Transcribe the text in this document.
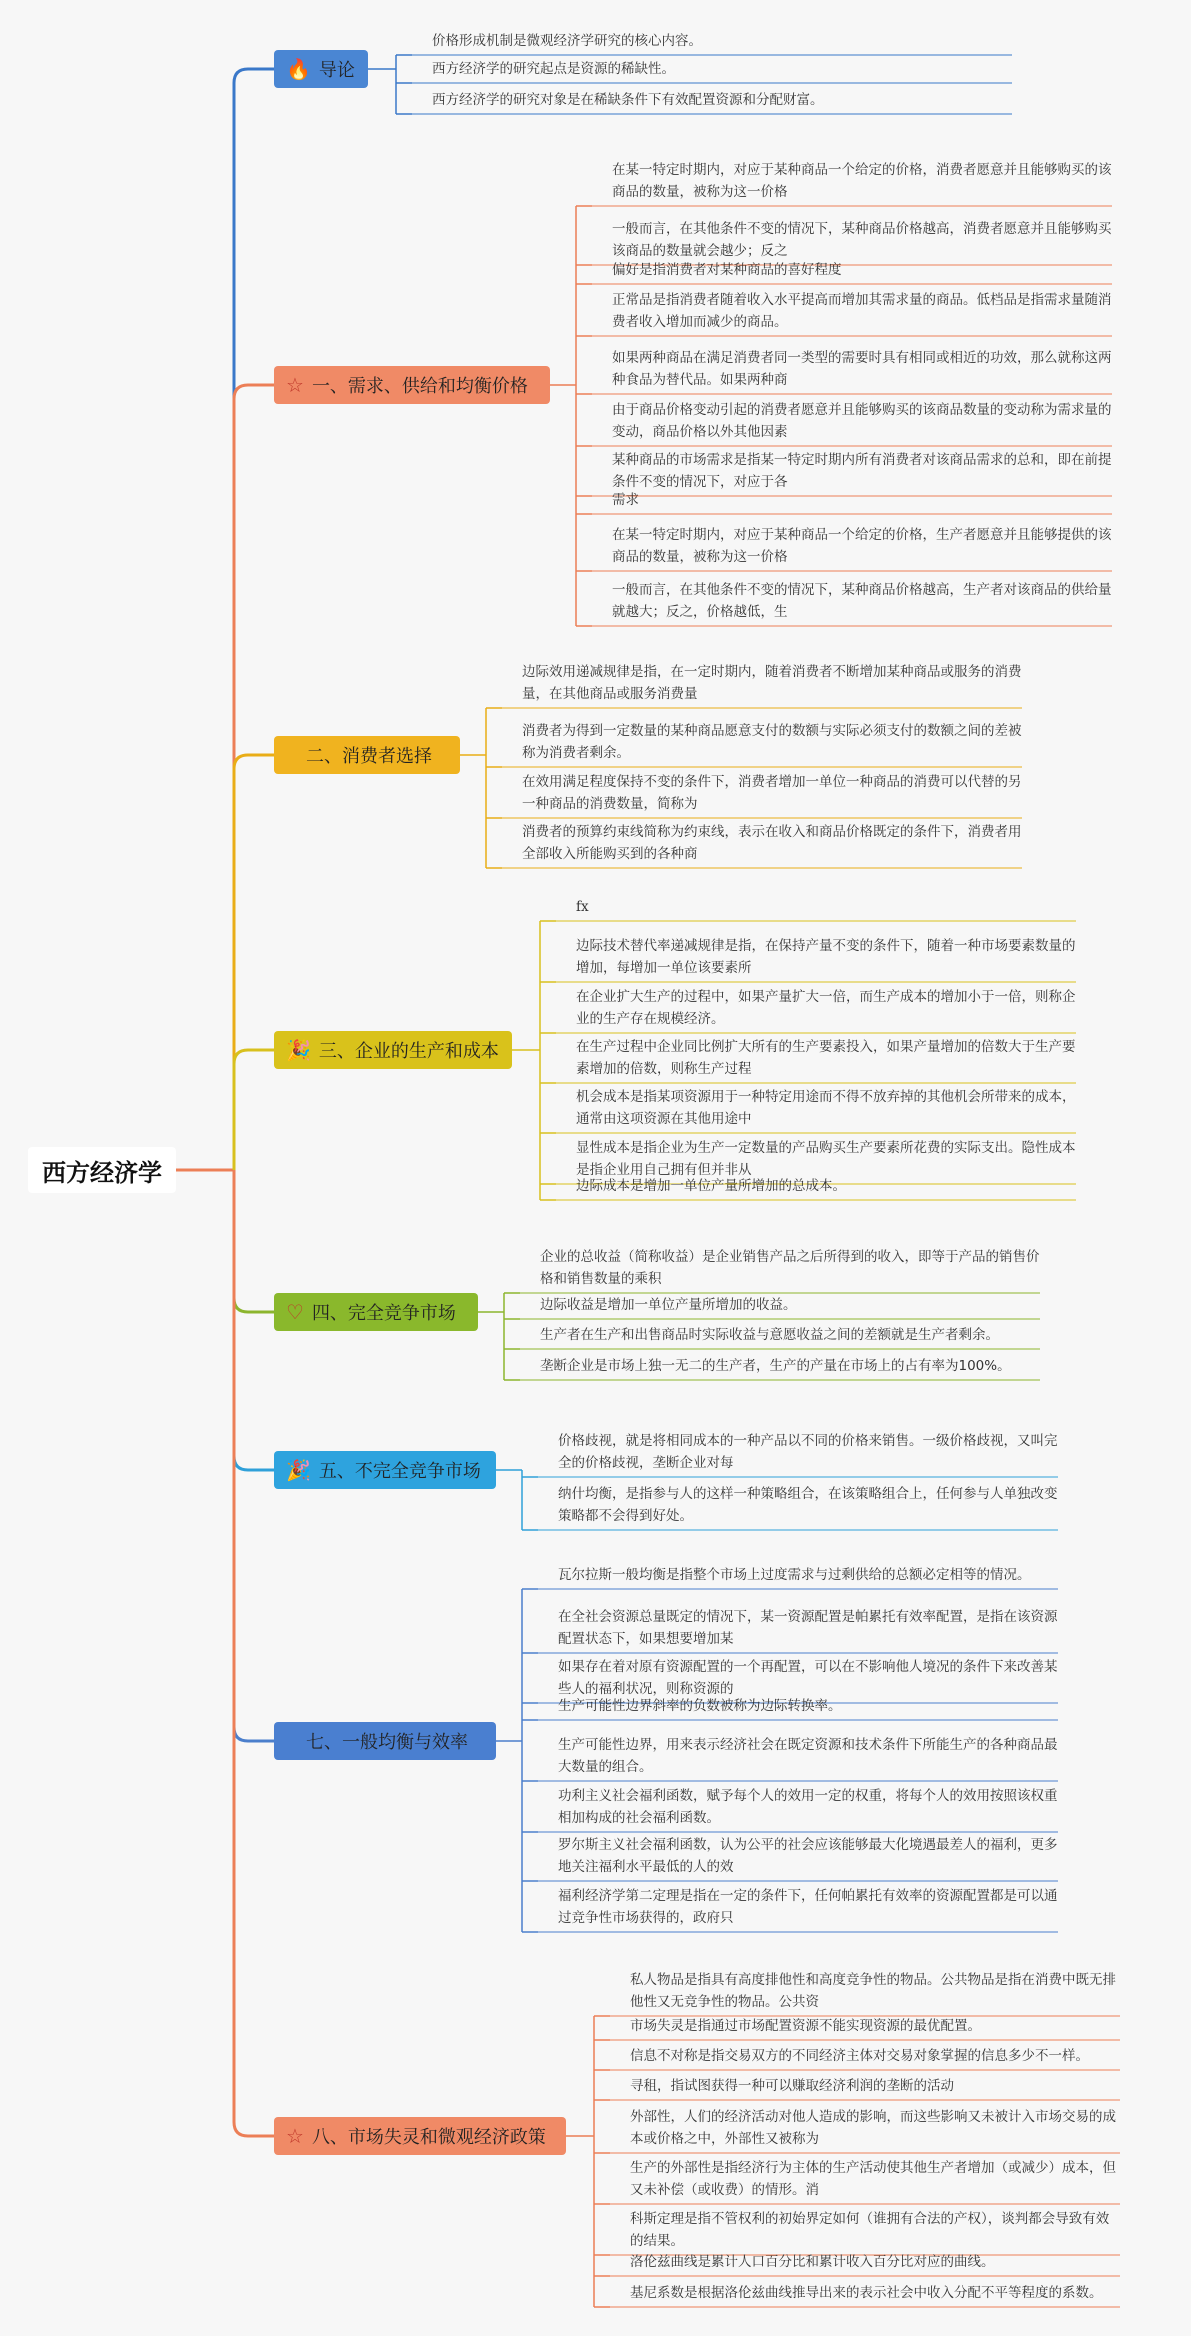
西方经济学
🔥 导论
价格形成机制是微观经济学研究的核心内容。
西方经济学的研究起点是资源的稀缺性。
西方经济学的研究对象是在稀缺条件下有效配置资源和分配财富。
☆ 一、需求、供给和均衡价格
在某一特定时期内，对应于某种商品一个给定的价格，消费者愿意并且能够购买的该商品的数量，被称为这一价格
一般而言，在其他条件不变的情况下，某种商品价格越高，消费者愿意并且能够购买该商品的数量就会越少；反之
偏好是指消费者对某种商品的喜好程度
正常品是指消费者随着收入水平提高而增加其需求量的商品。低档品是指需求量随消费者收入增加而减少的商品。
如果两种商品在满足消费者同一类型的需要时具有相同或相近的功效，那么就称这两种食品为替代品。如果两种商
由于商品价格变动引起的消费者愿意并且能够购买的该商品数量的变动称为需求量的变动，商品价格以外其他因素
某种商品的市场需求是指某一特定时期内所有消费者对该商品需求的总和，即在前提条件不变的情况下，对应于各
需求
在某一特定时期内，对应于某种商品一个给定的价格，生产者愿意并且能够提供的该商品的数量，被称为这一价格
一般而言，在其他条件不变的情况下，某种商品价格越高，生产者对该商品的供给量就越大；反之，价格越低，生
二、消费者选择
边际效用递减规律是指，在一定时期内，随着消费者不断增加某种商品或服务的消费量，在其他商品或服务消费量
消费者为得到一定数量的某种商品愿意支付的数额与实际必须支付的数额之间的差被称为消费者剩余。
在效用满足程度保持不变的条件下，消费者增加一单位一种商品的消费可以代替的另一种商品的消费数量，简称为
消费者的预算约束线简称为约束线，表示在收入和商品价格既定的条件下，消费者用全部收入所能购买到的各种商
🎉 三、企业的生产和成本
fx
边际技术替代率递减规律是指，在保持产量不变的条件下，随着一种市场要素数量的增加，每增加一单位该要素所
在企业扩大生产的过程中，如果产量扩大一倍，而生产成本的增加小于一倍，则称企业的生产存在规模经济。
在生产过程中企业同比例扩大所有的生产要素投入，如果产量增加的倍数大于生产要素增加的倍数，则称生产过程
机会成本是指某项资源用于一种特定用途而不得不放弃掉的其他机会所带来的成本，通常由这项资源在其他用途中
显性成本是指企业为生产一定数量的产品购买生产要素所花费的实际支出。隐性成本是指企业用自己拥有但并非从
边际成本是增加一单位产量所增加的总成本。
♡ 四、完全竞争市场
企业的总收益（简称收益）是企业销售产品之后所得到的收入，即等于产品的销售价格和销售数量的乘积
边际收益是增加一单位产量所增加的收益。
生产者在生产和出售商品时实际收益与意愿收益之间的差额就是生产者剩余。
垄断企业是市场上独一无二的生产者，生产的产量在市场上的占有率为100%。
🎉 五、不完全竞争市场
价格歧视，就是将相同成本的一种产品以不同的价格来销售。一级价格歧视，又叫完全的价格歧视，垄断企业对每
纳什均衡，是指参与人的这样一种策略组合，在该策略组合上，任何参与人单独改变策略都不会得到好处。
七、一般均衡与效率
瓦尔拉斯一般均衡是指整个市场上过度需求与过剩供给的总额必定相等的情况。
在全社会资源总量既定的情况下，某一资源配置是帕累托有效率配置，是指在该资源配置状态下，如果想要增加某
如果存在着对原有资源配置的一个再配置，可以在不影响他人境况的条件下来改善某些人的福利状况，则称资源的
生产可能性边界斜率的负数被称为边际转换率。
生产可能性边界，用来表示经济社会在既定资源和技术条件下所能生产的各种商品最大数量的组合。
功利主义社会福利函数，赋予每个人的效用一定的权重，将每个人的效用按照该权重相加构成的社会福利函数。
罗尔斯主义社会福利函数，认为公平的社会应该能够最大化境遇最差人的福利，更多地关注福利水平最低的人的效
福利经济学第二定理是指在一定的条件下，任何帕累托有效率的资源配置都是可以通过竞争性市场获得的，政府只
☆ 八、市场失灵和微观经济政策
私人物品是指具有高度排他性和高度竞争性的物品。公共物品是指在消费中既无排他性又无竞争性的物品。公共资
市场失灵是指通过市场配置资源不能实现资源的最优配置。
信息不对称是指交易双方的不同经济主体对交易对象掌握的信息多少不一样。
寻租，指试图获得一种可以赚取经济利润的垄断的活动
外部性，人们的经济活动对他人造成的影响，而这些影响又未被计入市场交易的成本或价格之中，外部性又被称为
生产的外部性是指经济行为主体的生产活动使其他生产者增加（或减少）成本，但又未补偿（或收费）的情形。消
科斯定理是指不管权利的初始界定如何（谁拥有合法的产权），谈判都会导致有效的结果。
洛伦兹曲线是累计人口百分比和累计收入百分比对应的曲线。
基尼系数是根据洛伦兹曲线推导出来的表示社会中收入分配不平等程度的系数。
